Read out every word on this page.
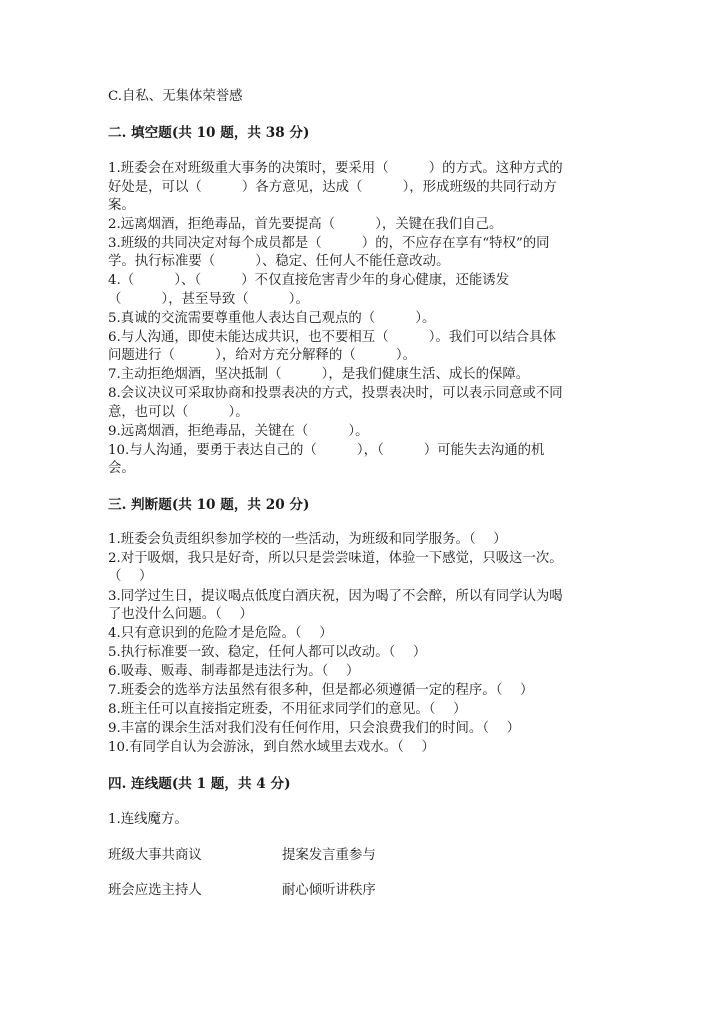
C.自私、无集体荣誉感

二. 填空题(共 10 题，共 38 分)

1.班委会在对班级重大事务的决策时，要采用（　　　）的方式。这种方式的

好处是，可以（　　　）各方意见，达成（　　　），形成班级的共同行动方

案。

2.远离烟酒，拒绝毒品，首先要提高（　　　），关键在我们自己。

3.班级的共同决定对每个成员都是（　　　）的，不应存在享有“特权”的同

学。执行标准要（　　　）、稳定、任何人不能任意改动。

4.（　　　）、（　　　）不仅直接危害青少年的身心健康，还能诱发

（　　　），甚至导致（　　　）。

5.真诚的交流需要尊重他人表达自己观点的（　　　）。

6.与人沟通，即使未能达成共识，也不要相互（　　　）。我们可以结合具体

问题进行（　　　），给对方充分解释的（　　　）。

7.主动拒绝烟酒，坚决抵制（　　　），是我们健康生活、成长的保障。

8.会议决议可采取协商和投票表决的方式，投票表决时，可以表示同意或不同

意，也可以（　　　）。

9.远离烟酒，拒绝毒品，关键在（　　　）。

10.与人沟通，要勇于表达自己的（　　　），（　　　）可能失去沟通的机

会。

三. 判断题(共 10 题，共 20 分)

1.班委会负责组织参加学校的一些活动，为班级和同学服务。（　 ）

2.对于吸烟，我只是好奇，所以只是尝尝味道，体验一下感觉，只吸这一次。

（　 ）

3.同学过生日，提议喝点低度白酒庆祝，因为喝了不会醉，所以有同学认为喝

了也没什么问题。（　 ）

4.只有意识到的危险才是危险。（　 ）

5.执行标准要一致、稳定，任何人都可以改动。（　 ）

6.吸毒、贩毒、制毒都是违法行为。（　 ）

7.班委会的选举方法虽然有很多种，但是都必须遵循一定的程序。（　 ）

8.班主任可以直接指定班委，不用征求同学们的意见。（　 ）

9.丰富的课余生活对我们没有任何作用，只会浪费我们的时间。（　 ）

10.有同学自认为会游泳，到自然水域里去戏水。（　 ）

四. 连线题(共 1 题，共 4 分)

1.连线魔方。

班级大事共商议	提案发言重参与

班会应选主持人	耐心倾听讲秩序
